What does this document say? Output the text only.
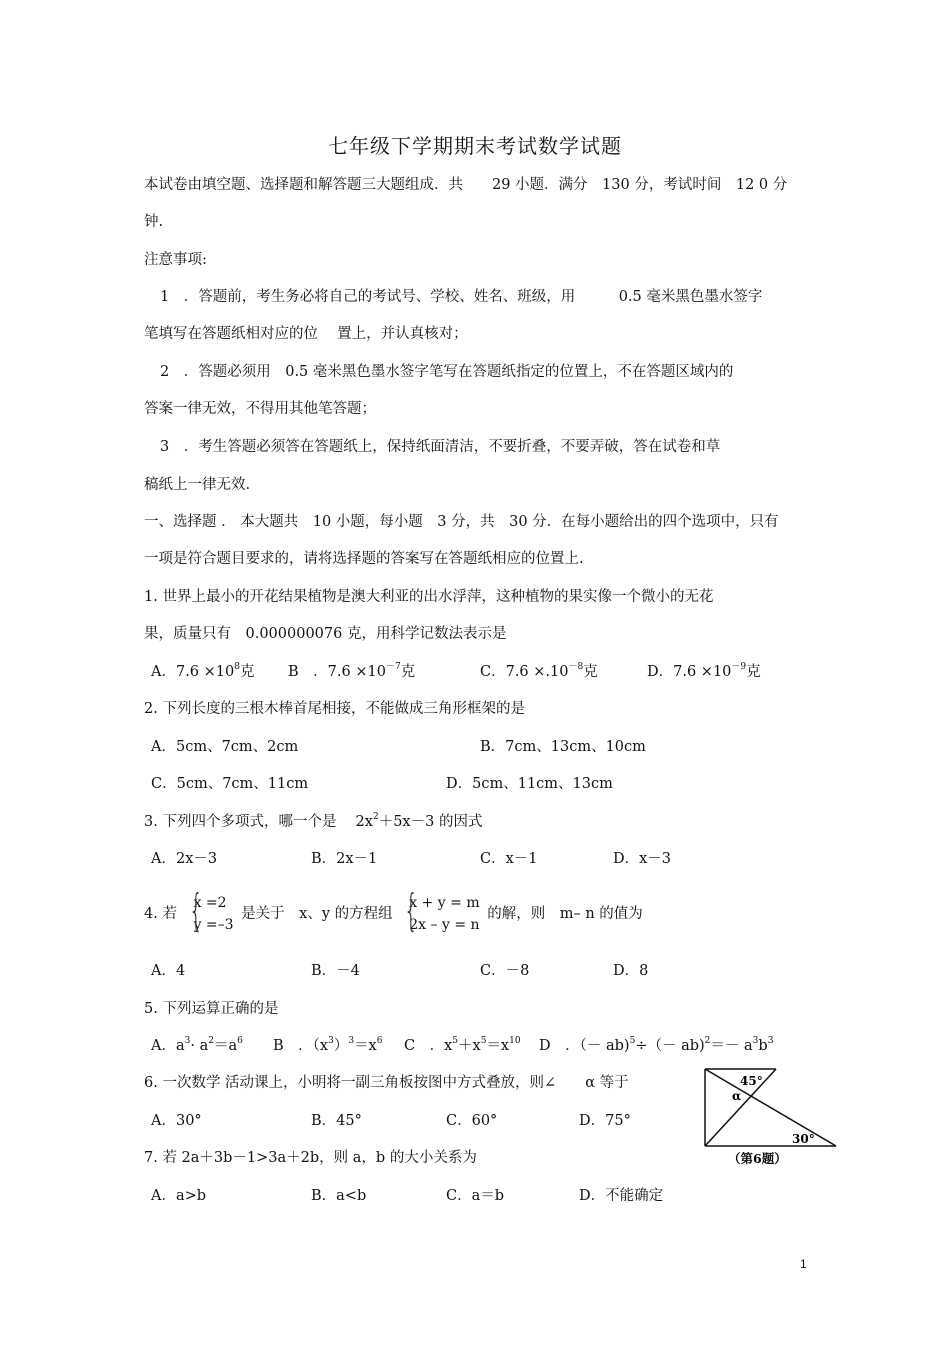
七年级下学期期末考试数学试题
本试卷由填空题、选择题和解答题三大题组成．共　　29 小题．满分　130 分，考试时间　12 0 分
钟.
注意事项:
1　．答题前，考生务必将自己的考试号、学校、姓名、班级，用　　　0.5 毫米黑色墨水签字
笔填写在答题纸相对应的位　 置上，并认真核对；
2　．答题必须用　0.5 毫米黑色墨水签字笔写在答题纸指定的位置上，不在答题区域内的
答案一律无效，不得用其他笔答题；
3　．考生答题必须答在答题纸上，保持纸面清洁，不要折叠，不要弄破，答在试卷和草
稿纸上一律无效.
一、选择题 ． 本大题共　10 小题，每小题　3 分，共　30 分．在每小题给出的四个选项中，只有
一项是符合题目要求的，请将选择题的答案写在答题纸相应的位置上.
1. 世界上最小的开花结果植物是澳大利亚的出水浮萍，这种植物的果实像一个微小的无花
果，质量只有　0.000000076 克，用科学记数法表示是
A．$7.6 \times 10^8$克 B　．$7.6 \times 10^{-7}$克	C．$7.6 \times.10^{-8}$克	D．$7.6 \times 10^{-9}$克
2. 下列长度的三根木棒首尾相接，不能做成三角形框架的是
A．5cm、7cm、2cm	B．7cm、13cm、10cm
C．5cm、7cm、11cm	D．5cm、11cm、13cm
3. 下列四个多项式，哪一个是　 $2x^2+5x-3$ 的因式
A．2x－3	B．2x－1	C．x－1	D．x－3
4. 若
{ x =2
y =–3
是关于　x、y 的方程组
{ x + y = m
2x – y = n
的解，则　m– n 的值为
A．4	B．－4	C．－8	D．8
5. 下列运算正确的是
A．$a^3\cdot a^2=a^6$ B　．$(x^3)^3=x^6$ C　．$x^5+x^5=x^{10}$ D　．（－ $ab)^5\div(- ab)^2=- a^3b^3$
6. 一次数学 活动课上，小明将一副三角板按图中方式叠放，则∠　　α 等于
A．30°	B．45°	C．60°	D．75°
45°
α
30°
（第6题）
7. 若 2a＋3b－1>3a＋2b，则 a，b 的大小关系为
A．a>b	B．a<b	C．a＝b	D．不能确定
1
